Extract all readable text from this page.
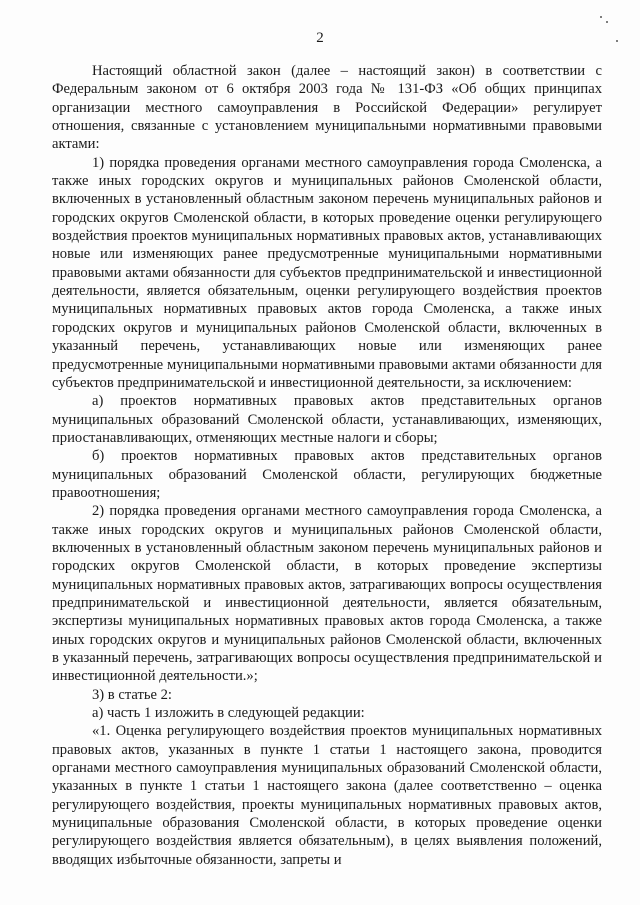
2

Настоящий областной закон (далее – настоящий закон) в соответствии с Федеральным законом от 6 октября 2003 года № 131-ФЗ «Об общих принципах организации местного самоуправления в Российской Федерации» регулирует отношения, связанные с установлением муниципальными нормативными правовыми актами:

1) порядка проведения органами местного самоуправления города Смоленска, а также иных городских округов и муниципальных районов Смоленской области, включенных в установленный областным законом перечень муниципальных районов и городских округов Смоленской области, в которых проведение оценки регулирующего воздействия проектов муниципальных нормативных правовых актов, устанавливающих новые или изменяющих ранее предусмотренные муниципальными нормативными правовыми актами обязанности для субъектов предпринимательской и инвестиционной деятельности, является обязательным, оценки регулирующего воздействия проектов муниципальных нормативных правовых актов города Смоленска, а также иных городских округов и муниципальных районов Смоленской области, включенных в указанный перечень, устанавливающих новые или изменяющих ранее предусмотренные муниципальными нормативными правовыми актами обязанности для субъектов предпринимательской и инвестиционной деятельности, за исключением:

а) проектов нормативных правовых актов представительных органов муниципальных образований Смоленской области, устанавливающих, изменяющих, приостанавливающих, отменяющих местные налоги и сборы;

б) проектов нормативных правовых актов представительных органов муниципальных образований Смоленской области, регулирующих бюджетные правоотношения;

2) порядка проведения органами местного самоуправления города Смоленска, а также иных городских округов и муниципальных районов Смоленской области, включенных в установленный областным законом перечень муниципальных районов и городских округов Смоленской области, в которых проведение экспертизы муниципальных нормативных правовых актов, затрагивающих вопросы осуществления предпринимательской и инвестиционной деятельности, является обязательным, экспертизы муниципальных нормативных правовых актов города Смоленска, а также иных городских округов и муниципальных районов Смоленской области, включенных в указанный перечень, затрагивающих вопросы осуществления предпринимательской и инвестиционной деятельности.»;

3) в статье 2:

а) часть 1 изложить в следующей редакции:

«1. Оценка регулирующего воздействия проектов муниципальных нормативных правовых актов, указанных в пункте 1 статьи 1 настоящего закона, проводится органами местного самоуправления муниципальных образований Смоленской области, указанных в пункте 1 статьи 1 настоящего закона (далее соответственно – оценка регулирующего воздействия, проекты муниципальных нормативных правовых актов, муниципальные образования Смоленской области, в которых проведение оценки регулирующего воздействия является обязательным), в целях выявления положений, вводящих избыточные обязанности, запреты и
